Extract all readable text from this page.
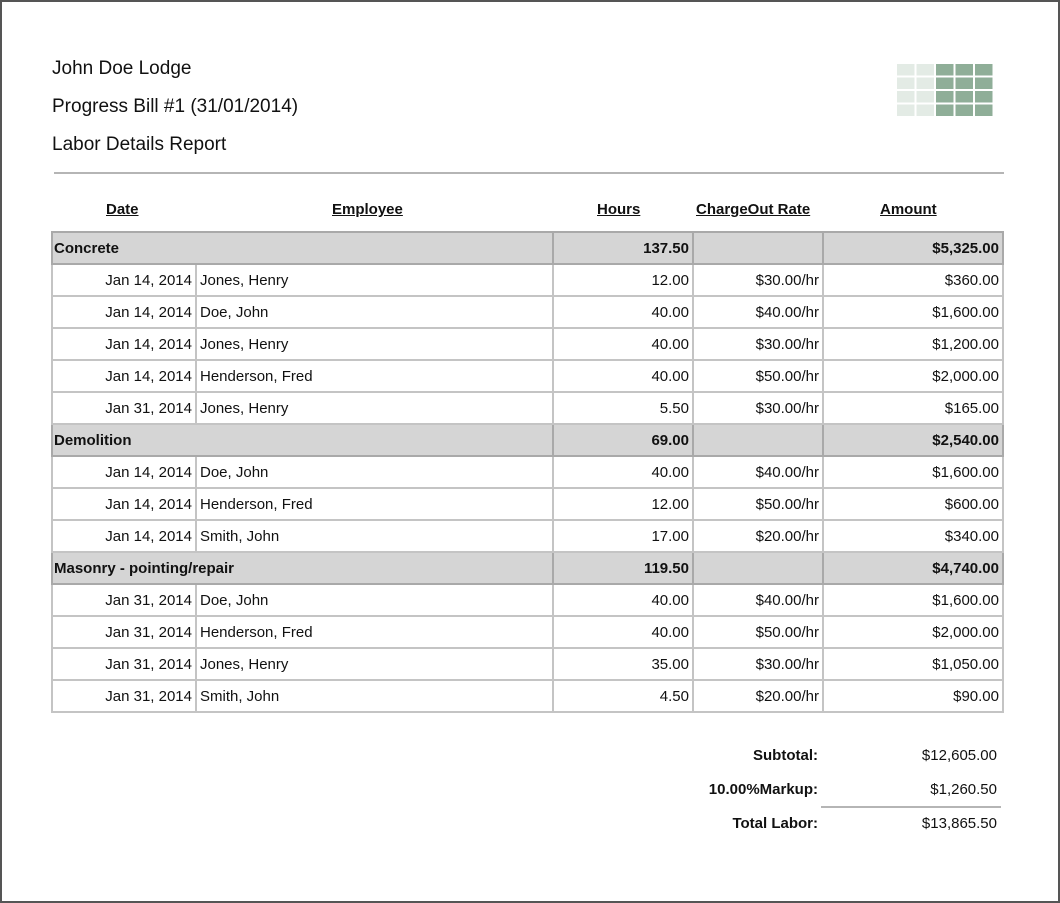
John Doe Lodge
Progress Bill #1 (31/01/2014)
Labor Details Report
Date	Employee	Hours	ChargeOut Rate	Amount
Concrete		137.50		$5,325.00
Jan 14, 2014	Jones, Henry	12.00	$30.00/hr	$360.00
Jan 14, 2014	Doe, John	40.00	$40.00/hr	$1,600.00
Jan 14, 2014	Jones, Henry	40.00	$30.00/hr	$1,200.00
Jan 14, 2014	Henderson, Fred	40.00	$50.00/hr	$2,000.00
Jan 31, 2014	Jones, Henry	5.50	$30.00/hr	$165.00
Demolition		69.00		$2,540.00
Jan 14, 2014	Doe, John	40.00	$40.00/hr	$1,600.00
Jan 14, 2014	Henderson, Fred	12.00	$50.00/hr	$600.00
Jan 14, 2014	Smith, John	17.00	$20.00/hr	$340.00
Masonry - pointing/repair		119.50		$4,740.00
Jan 31, 2014	Doe, John	40.00	$40.00/hr	$1,600.00
Jan 31, 2014	Henderson, Fred	40.00	$50.00/hr	$2,000.00
Jan 31, 2014	Jones, Henry	35.00	$30.00/hr	$1,050.00
Jan 31, 2014	Smith, John	4.50	$20.00/hr	$90.00
Subtotal:	$12,605.00
10.00%Markup:	$1,260.50
Total Labor:	$13,865.50
